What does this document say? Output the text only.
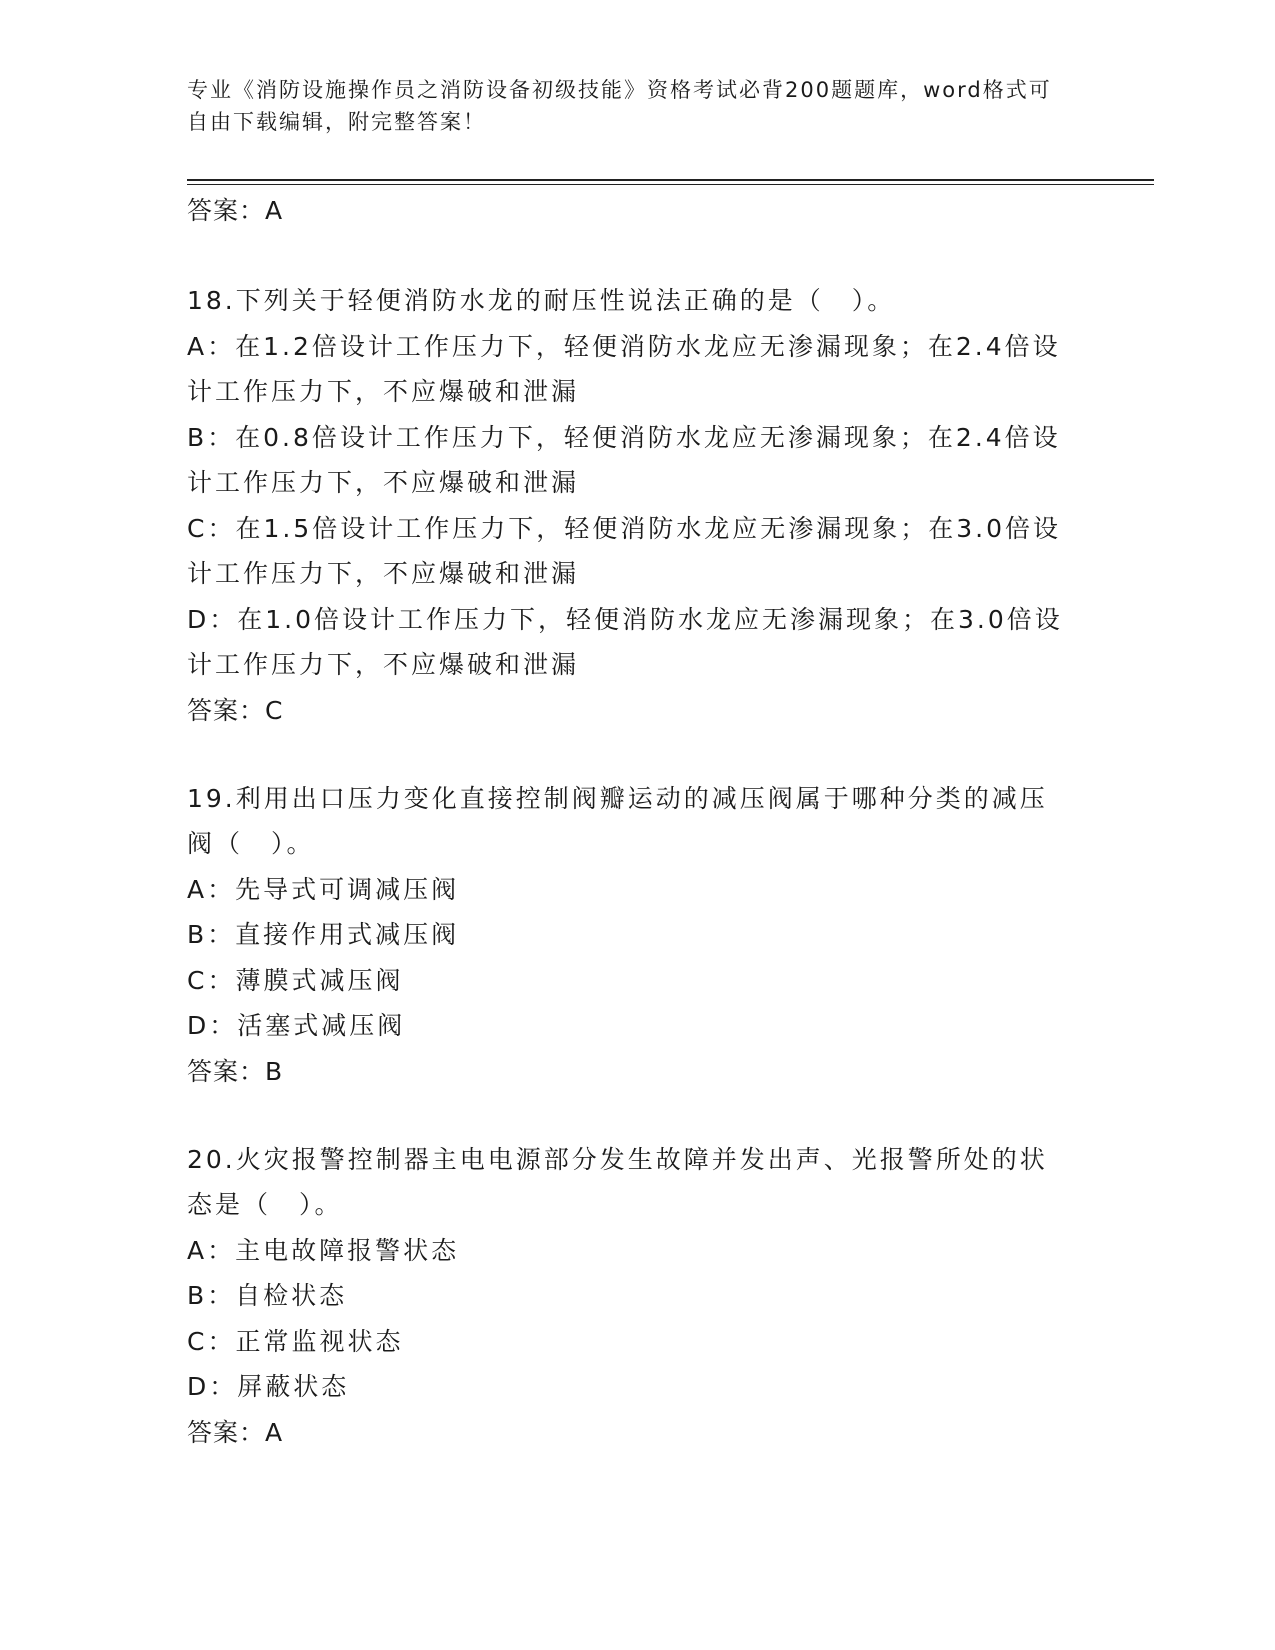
专业《消防设施操作员之消防设备初级技能》资格考试必背200题题库，word格式可自由下载编辑，附完整答案！
答案：A
18.下列关于轻便消防水龙的耐压性说法正确的是（　）。
A：在1.2倍设计工作压力下，轻便消防水龙应无渗漏现象；在2.4倍设计工作压力下，不应爆破和泄漏
B：在0.8倍设计工作压力下，轻便消防水龙应无渗漏现象；在2.4倍设计工作压力下，不应爆破和泄漏
C：在1.5倍设计工作压力下，轻便消防水龙应无渗漏现象；在3.0倍设计工作压力下，不应爆破和泄漏
D：在1.0倍设计工作压力下，轻便消防水龙应无渗漏现象；在3.0倍设计工作压力下，不应爆破和泄漏
答案：C
19.利用出口压力变化直接控制阀瓣运动的减压阀属于哪种分类的减压阀（　）。
A：先导式可调减压阀
B：直接作用式减压阀
C：薄膜式减压阀
D：活塞式减压阀
答案：B
20.火灾报警控制器主电电源部分发生故障并发出声、光报警所处的状态是（　）。
A：主电故障报警状态
B：自检状态
C：正常监视状态
D：屏蔽状态
答案：A
